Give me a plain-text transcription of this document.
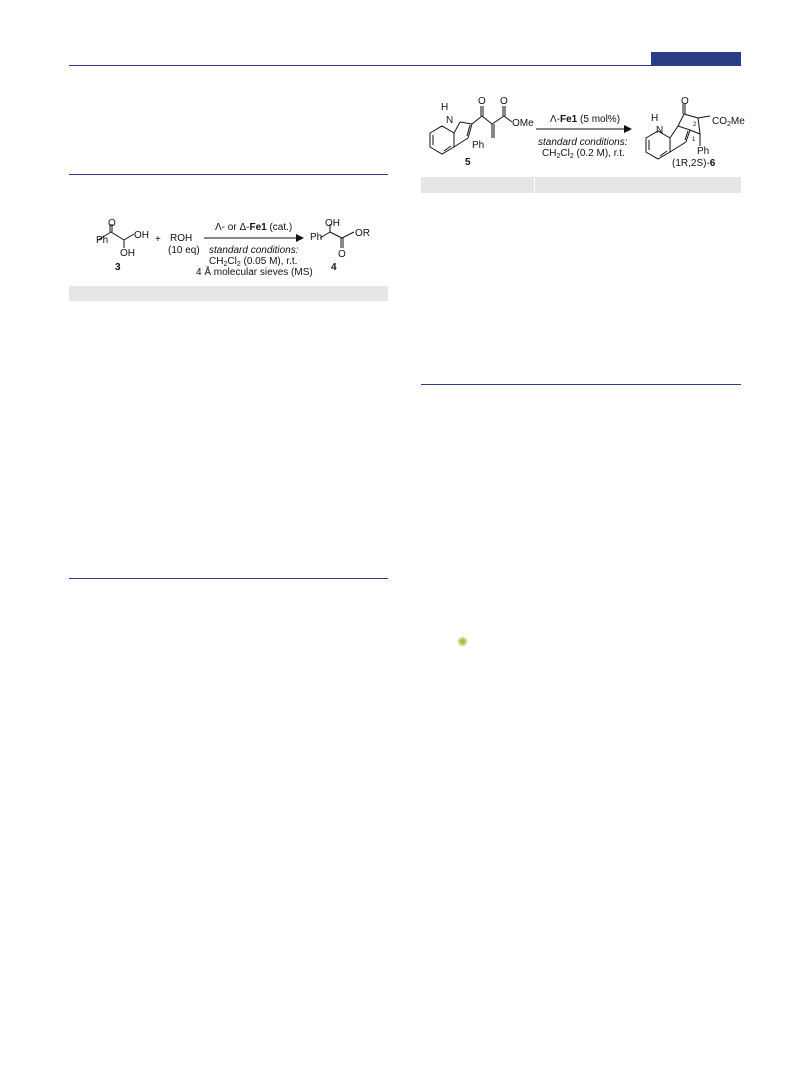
Ph
O
OH
OH
3
+ ROH
(10 eq)
Λ- or Δ-Fe1 (cat.)
standard conditions:
$CH_2Cl_2$ (0.05 M), r.t.
4 Å molecular sieves (MS)
Ph
OH
OR
O
4
H
N
O O
OMe
Ph
5
Λ-Fe1 (5 mol%)
standard conditions:
$CH_2Cl_2$ (0.2 M), r.t.
H
N
O
$CO_2Me$
Ph
2
1
(1R,2S)-6
